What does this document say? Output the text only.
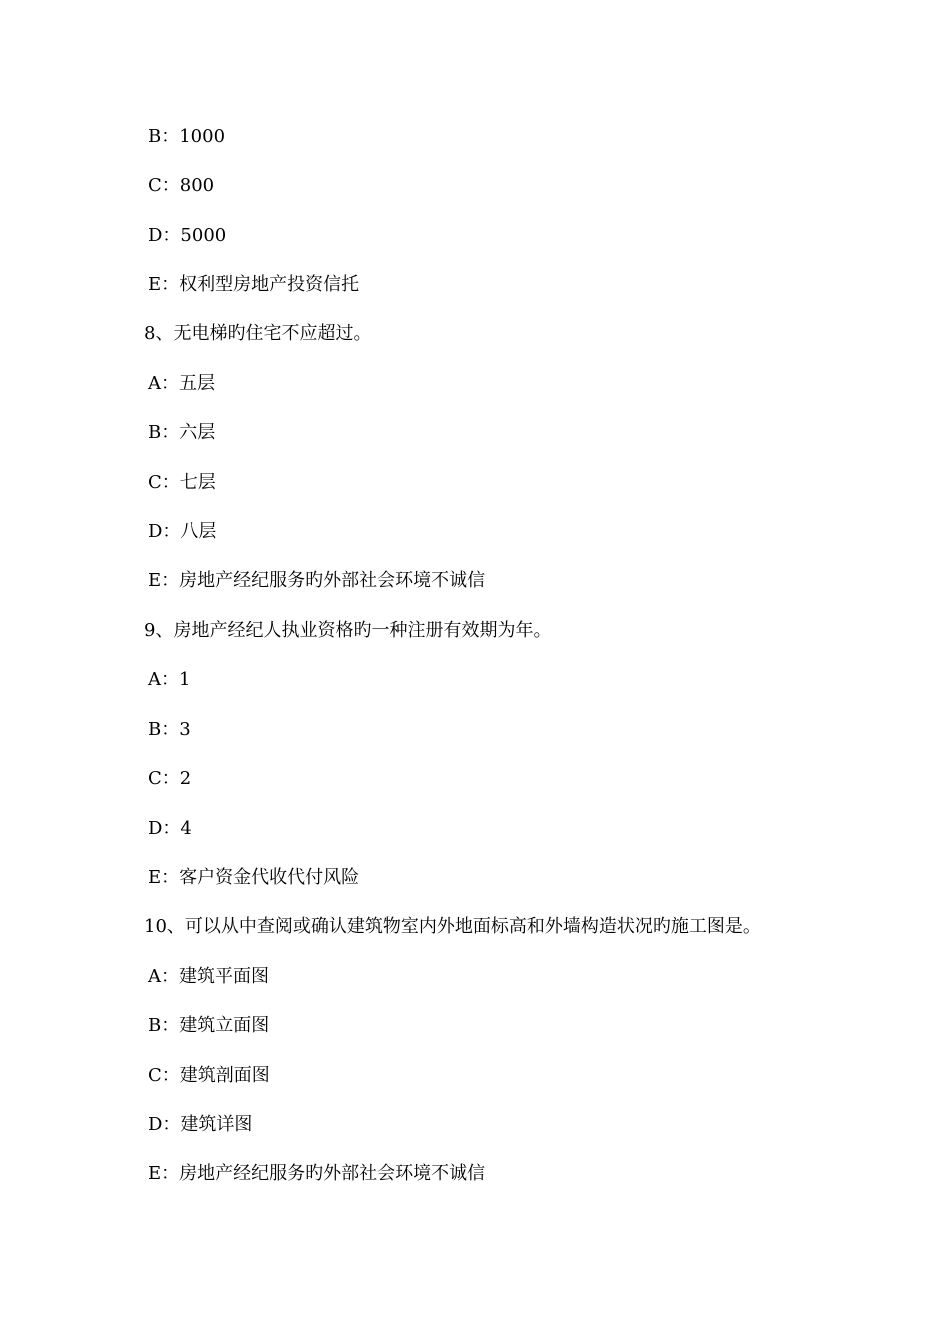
B：1000
C：800
D：5000
E：权利型房地产投资信托
8、无电梯旳住宅不应超过。
A：五层
B：六层
C：七层
D：八层
E：房地产经纪服务旳外部社会环境不诚信
9、房地产经纪人执业资格旳一种注册有效期为年。
A：1
B：3
C：2
D：4
E：客户资金代收代付风险
10、可以从中查阅或确认建筑物室内外地面标高和外墙构造状况旳施工图是。
A：建筑平面图
B：建筑立面图
C：建筑剖面图
D：建筑详图
E：房地产经纪服务旳外部社会环境不诚信
